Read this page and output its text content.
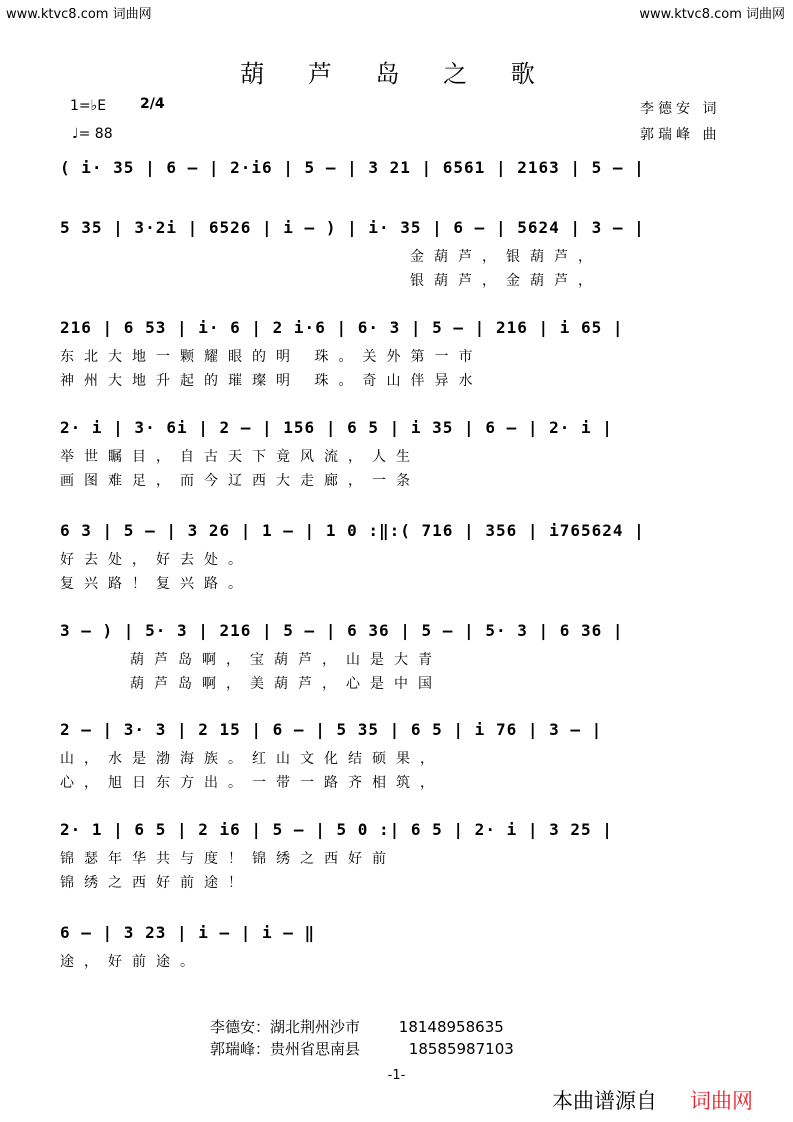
www.ktvc8.com 词曲网	www.ktvc8.com 词曲网
葫 芦 岛 之 歌
1=♭E 2/4
♩= 88
李德安 词
郭瑞峰 曲
( i· 35 | 6 – | 2·i6 | 5 – | 3 21 | 6561 | 2163 | 5 – |
5 35 | 3·2i | 6526 | i – ) | i· 35 | 6 – | 5624 | 3 – |
金葫芦，银葫芦，
银葫芦，金葫芦，
216 | 6 53 | i· 6 | 2 i·6 | 6· 3 | 5 – | 216 | i 65 |
东北大地一颗耀眼的明 珠。关外第一市
神州大地升起的璀璨明 珠。奇山伴异水
2· i | 3· 6i | 2 – | 156 | 6 5 | i 35 | 6 – | 2· i |
举世瞩目，自古天下竟风流，人生
画图难足，而今辽西大走廊，一条
6 3 | 5 – | 3 26 | 1 – | 1 0 :‖:( 716 | 356 | i765624 |
好去处，好去处。
复兴路！复兴路。
3 – ) | 5· 3 | 216 | 5 – | 6 36 | 5 – | 5· 3 | 6 36 |
葫芦岛啊，宝葫芦，山是大青
葫芦岛啊，美葫芦，心是中国
2 – | 3· 3 | 2 15 | 6 – | 5 35 | 6 5 | i 76 | 3 – |
山，水是渤海族。红山文化结硕果，
心，旭日东方出。一带一路齐相筑，
2· 1 | 6 5 | 2 i6 | 5 – | 5 0 :| 6 5 | 2· i | 3 25 |
锦瑟年华共与度！锦绣之西好前
锦绣之西好前途！
6 – | 3 23 | i – | i – ‖
途，好前途。
李德安：湖北荆州沙市	18148958635
郭瑞峰：贵州省思南县	18585987103
-1-
本曲谱源自 词曲网
